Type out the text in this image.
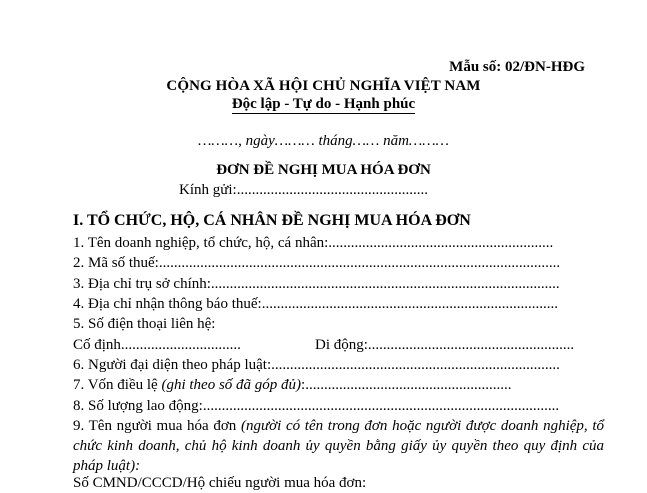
Mẫu số: 02/ĐN-HĐG
CỘNG HÒA XÃ HỘI CHỦ NGHĨA VIỆT NAM
Độc lập - Tự do - Hạnh phúc
………, ngày……… tháng…… năm………
ĐƠN ĐỀ NGHỊ MUA HÓA ĐƠN
Kính gửi:...................................................
I. TỔ CHỨC, HỘ, CÁ NHÂN ĐỀ NGHỊ MUA HÓA ĐƠN
1. Tên doanh nghiệp, tổ chức, hộ, cá nhân:............................................................
2. Mã số thuế:...........................................................................................................
3. Địa chỉ trụ sở chính:.............................................................................................
4. Địa chỉ nhận thông báo thuế:...............................................................................
5. Số điện thoại liên hệ:
Cố định................................	Di động:.......................................................
6. Người đại diện theo pháp luật:.............................................................................
7. Vốn điều lệ (ghi theo số đã góp đủ):.......................................................
8. Số lượng lao động:...............................................................................................
9. Tên người mua hóa đơn (người có tên trong đơn hoặc người được doanh nghiệp, tổ chức kinh doanh, chủ hộ kinh doanh ủy quyền bằng giấy ủy quyền theo quy định của pháp luật):
Số CMND/CCCD/Hộ chiếu người mua hóa đơn:
